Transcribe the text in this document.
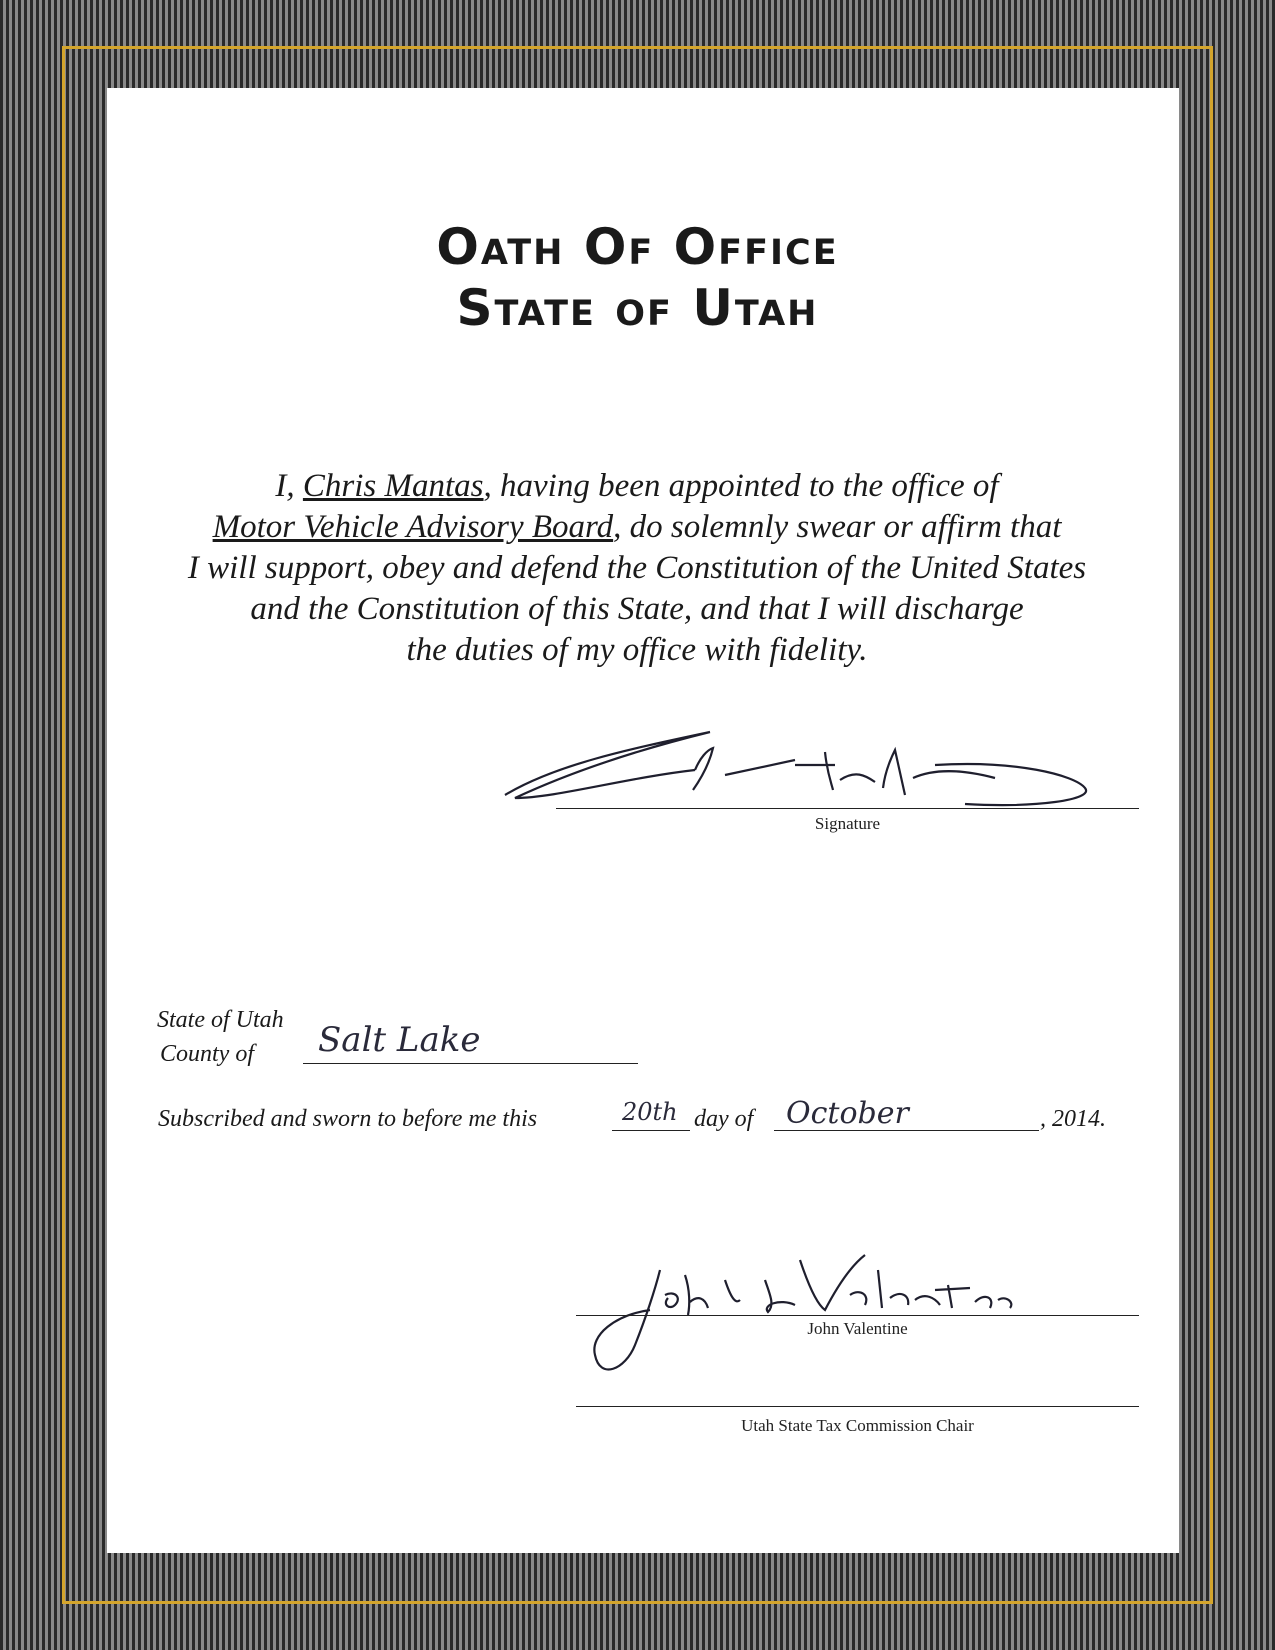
Oath Of Office
State of Utah
I, Chris Mantas, having been appointed to the office of
Motor Vehicle Advisory Board, do solemnly swear or affirm that
I will support, obey and defend the Constitution of the United States
and the Constitution of this State, and that I will discharge
the duties of my office with fidelity.
Signature
State of Utah
County of Salt Lake
Subscribed and sworn to before me this	20th day of October	, 2014.
John Valentine
Utah State Tax Commission Chair
